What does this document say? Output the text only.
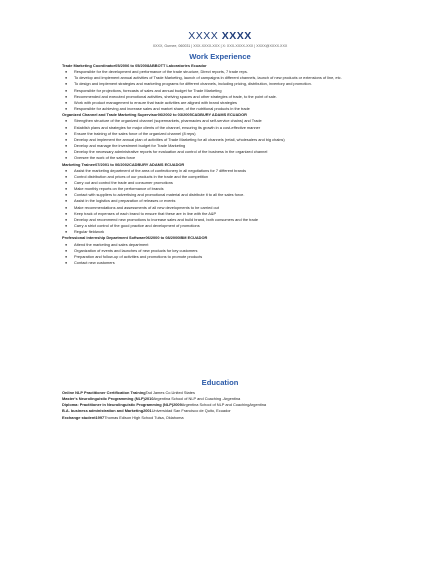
XXXX XXXX
XXXX, Gurnee, 060031 | XXX-XXXX-XXX | X: XXX-XXXX-XXX | XXXX@XXXX.XXX
Work Experience
Trade Marketing Coordinator05/2006 to 05/2008ABBOTT Laboratories Ecuador
● Responsible for the development and performance of the trade structure, Direct reports, 7 trade reps.
● To develop and implement annual activities of Trade Marketing, launch of campaigns in different channels, launch of new products or extensions of line, etc.
● To design and implement strategies and marketing programs for different channels, including pricing, distribution, inventory and promotion.
● Responsible for projections, forecasts of sales and annual budget for Trade Marketing
● Recommended and executed promotional activities, shelving spaces and other strategies of trade, to the point of sale.
● Work with product management to ensure that trade activities are aligned with brand strategies
● Responsible for achieving and increase sales and market share, of the nutritional products in the trade
Organized Channel and Trade Marketing Supervisor06/2002 to 03/2005CADBURY ADAMS ECUADOR
● Strengthen structure of the organized channel (supermarkets, pharmacies and self-service chains) and Trade
● Establish plans and strategies for major clients of the channel, ensuring its growth in a cost-effective manner
● Ensure the training of the sales force of the organized channel (8 reps)
● Develop and implement the annual plan of activities of Trade Marketing for all channels (retail, wholesalers and big chains)
● Develop and manage the investment budget for Trade Marketing
● Develop the necessary administrative reports for evaluation and control of the business in the organized channel
● Oversee the work of the sales force
Marketing Trainee07/2001 to 06/2002CADBURY ADAMS ECUADOR
● Assist the marketing department of the area of confectionery in all negotiations for 7 different brands
● Control distribution and prices of our products in the trade and the competition
● Carry out and control the trade and consumer promotions
● Make monthly reports on the performance of brands
● Contact with suppliers to advertising and promotional material and distribute it to all the sales force.
● Assist in the logistics and preparation of releases or events
● Make recommendations and assessments of all new developments to be carried out
● Keep track of expenses of each brand to ensure that these are in line with the A&P
● Develop and recommend new promotions to increase sales and build brand, both consumers and the trade
● Carry a strict control of the good practice and development of promotions
● Regular fieldwork
Professional internship Department Software06/2000 to 08/2000IBM ECUADOR
● Attend the marketing and sales department
● Organization of events and launches of new products for key customers
● Preparation and follow-up of activities and promotions to promote products
● Contact new customers
Education
Online NLP Practitioner Certification TrainingTad James Co.United States
Master's Neurolinguistic Programming (NLP)2010Argentina School of NLP and Coaching -Argentina
Diploma: Practitioner in Neurolinguistic Programming (NLP)2009Argentina School of NLP and CoachingArgentina
B.A. business administration and Marketing2001Universidad San Francisco de Quito, Ecuador
Exchange student1997Thomas Edison High School Tulsa, Oklahoma
